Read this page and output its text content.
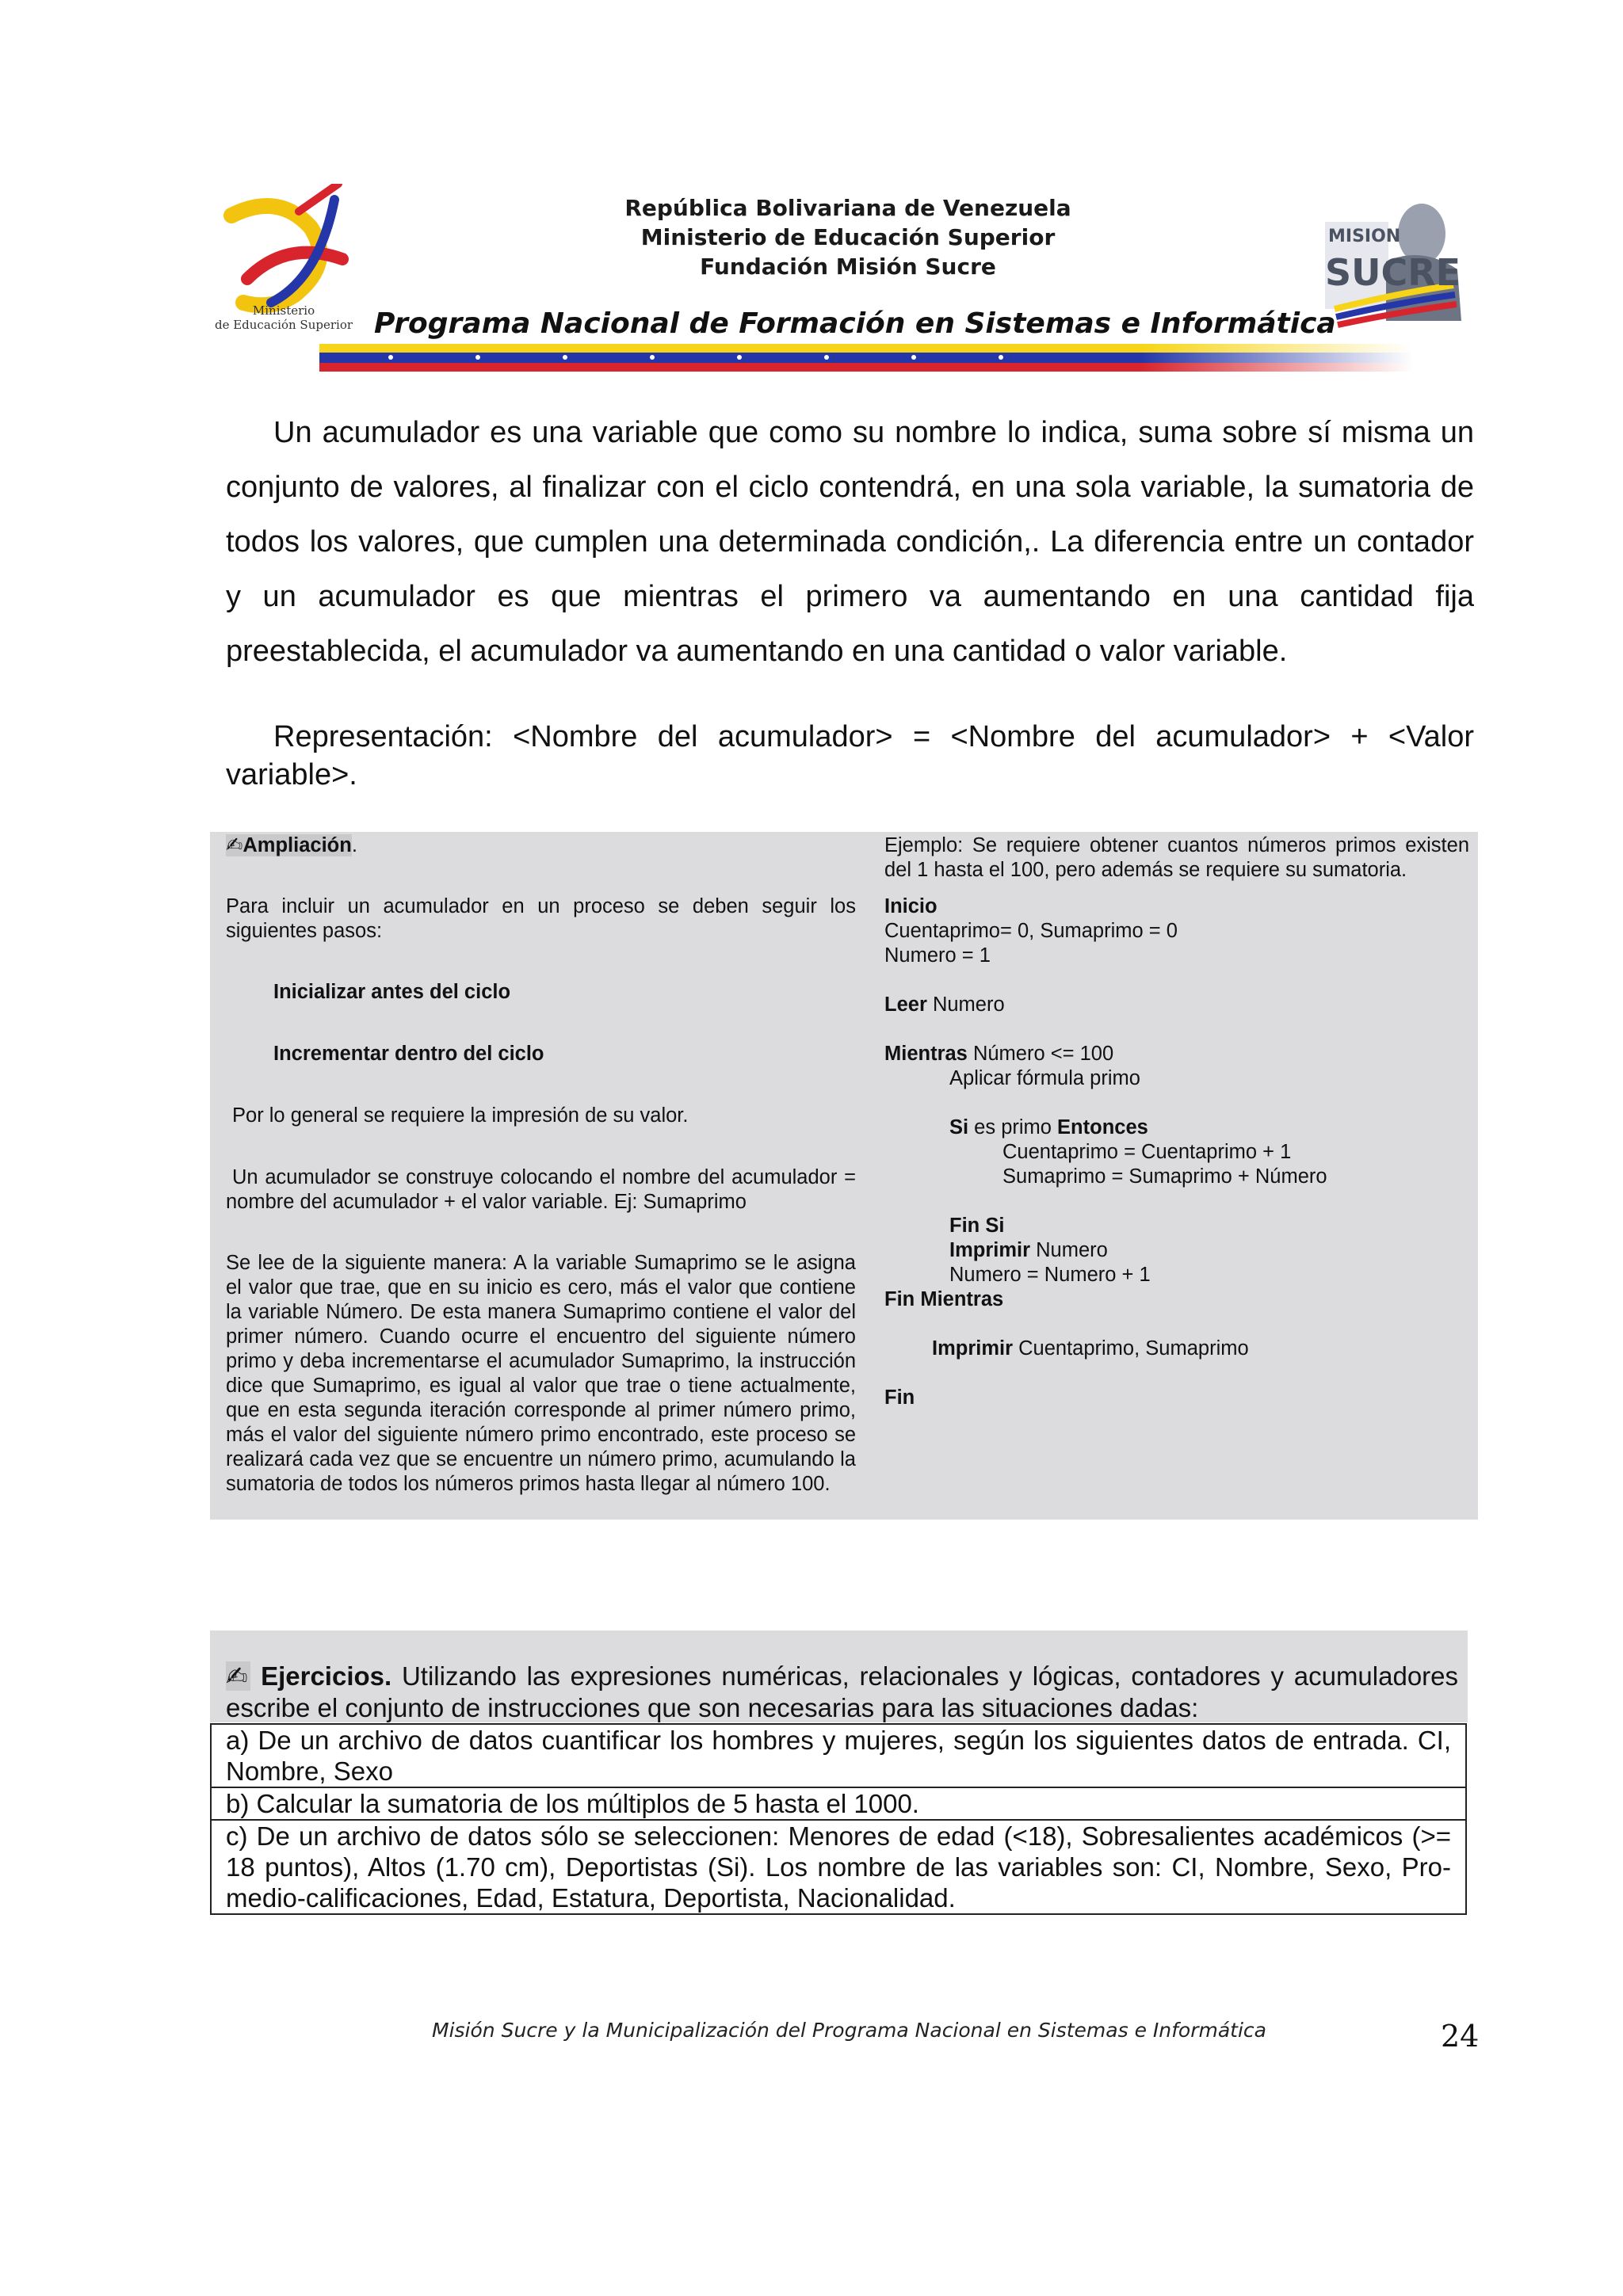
Ministerio
de Educación Superior
República Bolivariana de Venezuela
Ministerio de Educación Superior
Fundación Misión Sucre
MISION
SUCRE
Programa Nacional de Formación en Sistemas e Informática
Un acumulador es una variable que como su nombre lo indica, suma sobre sí misma un conjunto de valores, al finalizar con el ciclo contendrá, en una sola variable, la sumatoria de todos los valores, que cumplen una determinada condición,. La diferencia entre un contador y un acumulador es que mientras el primero va aumentando en una cantidad fija preestablecida, el acumulador va aumentando en una cantidad o valor variable.
Representación: <Nombre del acumulador> = <Nombre del acumulador> + <Valor variable>.
✍Ampliación.
Para incluir un acumulador en un proceso se deben seguir los siguientes pasos:
Inicializar antes del ciclo
Incrementar dentro del ciclo
Por lo general se requiere la impresión de su valor.
Un acumulador se construye colocando el nombre del acumulador = nombre del acumulador + el valor variable. Ej: Sumaprimo
Se lee de la siguiente manera: A la variable Sumaprimo se le asigna el valor que trae, que en su inicio es cero, más el valor que contiene la variable Número. De esta manera Sumaprimo contiene el valor del primer número. Cuando ocurre el encuentro del siguiente número primo y deba incrementarse el acumulador Sumaprimo, la instrucción dice que Sumaprimo, es igual al valor que trae o tiene actualmente, que en esta segunda iteración corresponde al primer número primo, más el valor del siguiente número primo encontrado, este proceso se realizará cada vez que se encuentre un número primo, acumulando la sumatoria de todos los números primos hasta llegar al número 100.
Ejemplo: Se requiere obtener cuantos números primos existen del 1 hasta el 100, pero además se requiere su sumatoria.
Inicio
Cuentaprimo= 0, Sumaprimo = 0
Numero = 1
Leer Numero
Mientras Número <= 100
Aplicar fórmula primo
Si es primo Entonces
Cuentaprimo = Cuentaprimo + 1
Sumaprimo = Sumaprimo + Número
Fin Si
Imprimir Numero
Numero = Numero + 1
Fin Mientras
Imprimir Cuentaprimo, Sumaprimo
Fin
✍ Ejercicios. Utilizando las expresiones numéricas, relacionales y lógicas, contadores y acumuladores escribe el conjunto de instrucciones que son necesarias para las situaciones dadas:
a) De un archivo de datos cuantificar los hombres y mujeres, según los siguientes datos de entrada. CI, Nombre, Sexo
b) Calcular la sumatoria de los múltiplos de 5 hasta el 1000.
c) De un archivo de datos sólo se seleccionen: Menores de edad (<18), Sobresalientes académicos (>= 18 puntos), Altos (1.70 cm), Deportistas (Si). Los nombre de las variables son: CI, Nombre, Sexo, Promedio-calificaciones, Edad, Estatura, Deportista, Nacionalidad.
Misión Sucre y la Municipalización del Programa Nacional en Sistemas e Informática	24
